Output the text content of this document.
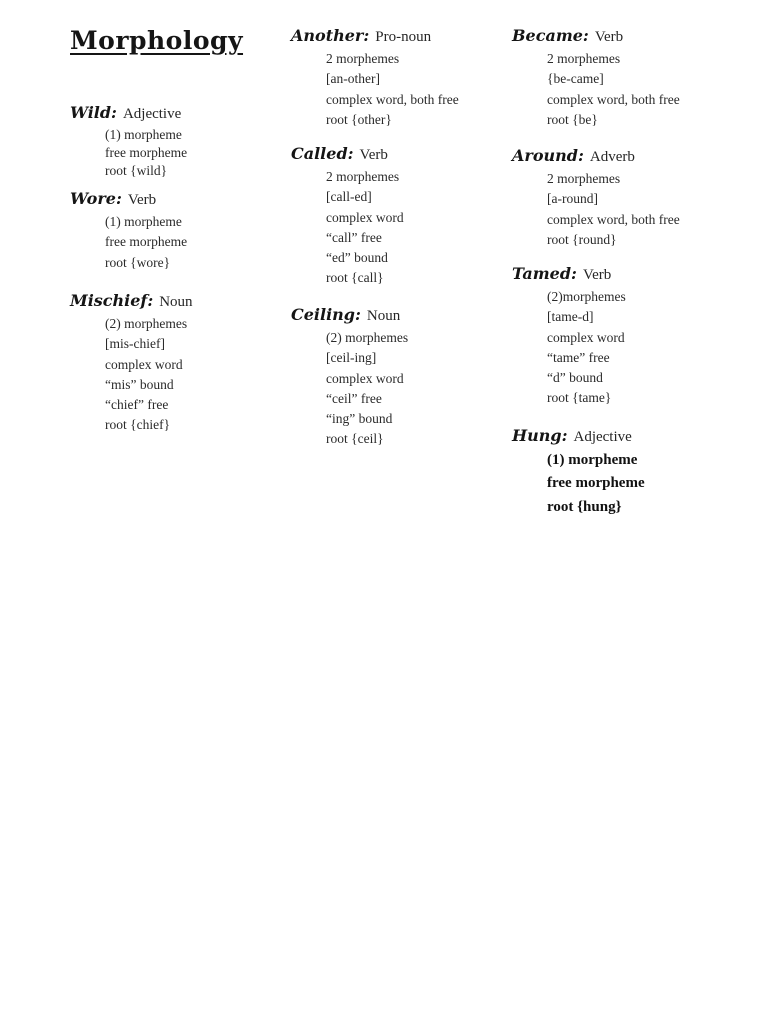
Morphology
Wild: Adjective
(1) morpheme
free morpheme
root {wild}
Wore: Verb
(1) morpheme
free morpheme
root {wore}
Mischief: Noun
(2) morphemes
[mis-chief]
complex word
“mis” bound
“chief” free
root {chief}
Another: Pro-noun
2 morphemes
[an-other]
complex word, both free
root {other}
Called: Verb
2 morphemes
[call-ed]
complex word
“call” free
“ed” bound
root {call}
Ceiling: Noun
(2) morphemes
[ceil-ing]
complex word
“ceil” free
“ing” bound
root {ceil}
Became: Verb
2 morphemes
{be-came]
complex word, both free
root {be}
Around: Adverb
2 morphemes
[a-round]
complex word, both free
root {round}
Tamed: Verb
(2)morphemes
[tame-d]
complex word
“tame” free
“d” bound
root {tame}
Hung: Adjective
(1) morpheme
free morpheme
root {hung}
